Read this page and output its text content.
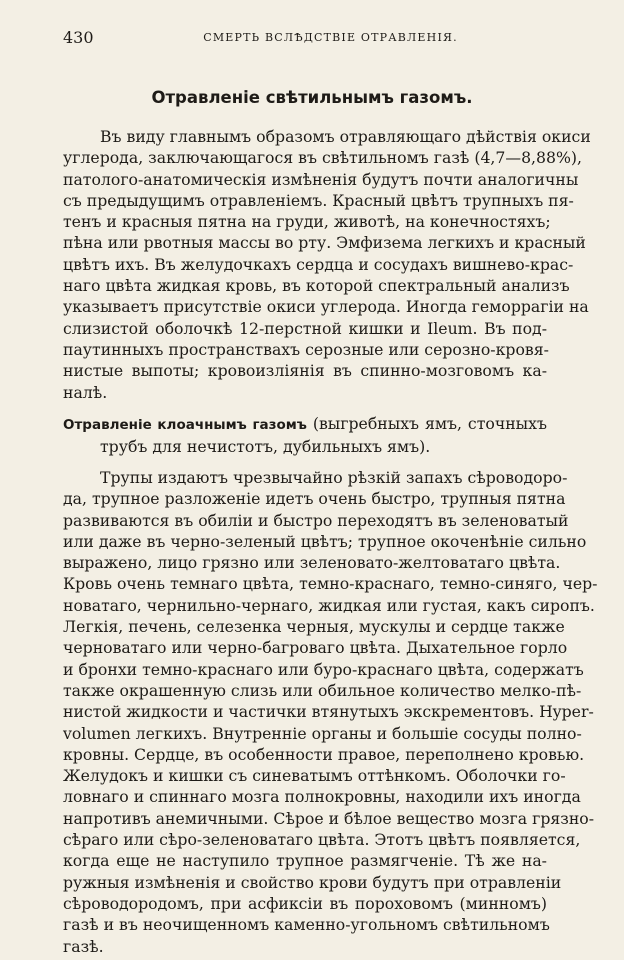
430	СМЕРТЬ ВСЛѢДСТВІЕ ОТРАВЛЕНІЯ.
Отравленіе свѣтильнымъ газомъ.
Въ виду главнымъ образомъ отравляющаго дѣйствія окиси
углерода, заключающагося въ свѣтильномъ газѣ (4,7—8,88%),
патолого-анатомическія измѣненія будутъ почти аналогичны
съ предыдущимъ отравленіемъ. Красный цвѣтъ трупныхъ пя-
тенъ и красныя пятна на груди, животѣ, на конечностяхъ;
пѣна или рвотныя массы во рту. Эмфизема легкихъ и красный
цвѣтъ ихъ. Въ желудочкахъ сердца и сосудахъ вишнево-крас-
наго цвѣта жидкая кровь, въ которой спектральный анализъ
указываетъ присутствіе окиси углерода. Иногда геморрагіи на
слизистой оболочкѣ 12-перстной кишки и Ileum. Въ под-
паутинныхъ пространствахъ серозные или серозно-кровя-
нистые выпоты; кровоизліянія въ спинно-мозговомъ ка-
налѣ.
Отравленіе клоачнымъ газомъ (выгребныхъ ямъ, сточныхъ
трубъ для нечистотъ, дубильныхъ ямъ).
Трупы издаютъ чрезвычайно рѣзкій запахъ сѣроводоро-
да, трупное разложеніе идетъ очень быстро, трупныя пятна
развиваются въ обиліи и быстро переходятъ въ зеленоватый
или даже въ черно-зеленый цвѣтъ; трупное окоченѣніе сильно
выражено, лицо грязно или зеленовато-желтоватаго цвѣта.
Кровь очень темнаго цвѣта, темно-краснаго, темно-синяго, чер-
новатаго, чернильно-чернаго, жидкая или густая, какъ сиропъ.
Легкія, печень, селезенка черныя, мускулы и сердце также
черноватаго или черно-багроваго цвѣта. Дыхательное горло
и бронхи темно-краснаго или буро-краснаго цвѣта, содержатъ
также окрашенную слизь или обильное количество мелко-пѣ-
нистой жидкости и частички втянутыхъ экскрементовъ. Hyper-
volumen легкихъ. Внутренніе органы и большіе сосуды полно-
кровны. Сердце, въ особенности правое, переполнено кровью.
Желудокъ и кишки съ синеватымъ оттѣнкомъ. Оболочки го-
ловнаго и спиннаго мозга полнокровны, находили ихъ иногда
напротивъ анемичными. Сѣрое и бѣлое вещество мозга грязно-
сѣраго или сѣро-зеленоватаго цвѣта. Этотъ цвѣтъ появляется,
когда еще не наступило трупное размягченіе. Тѣ же на-
ружныя измѣненія и свойство крови будутъ при отравленіи
сѣроводородомъ, при асфиксіи въ пороховомъ (минномъ)
газѣ и въ неочищенномъ каменно-угольномъ свѣтильномъ
газѣ.
